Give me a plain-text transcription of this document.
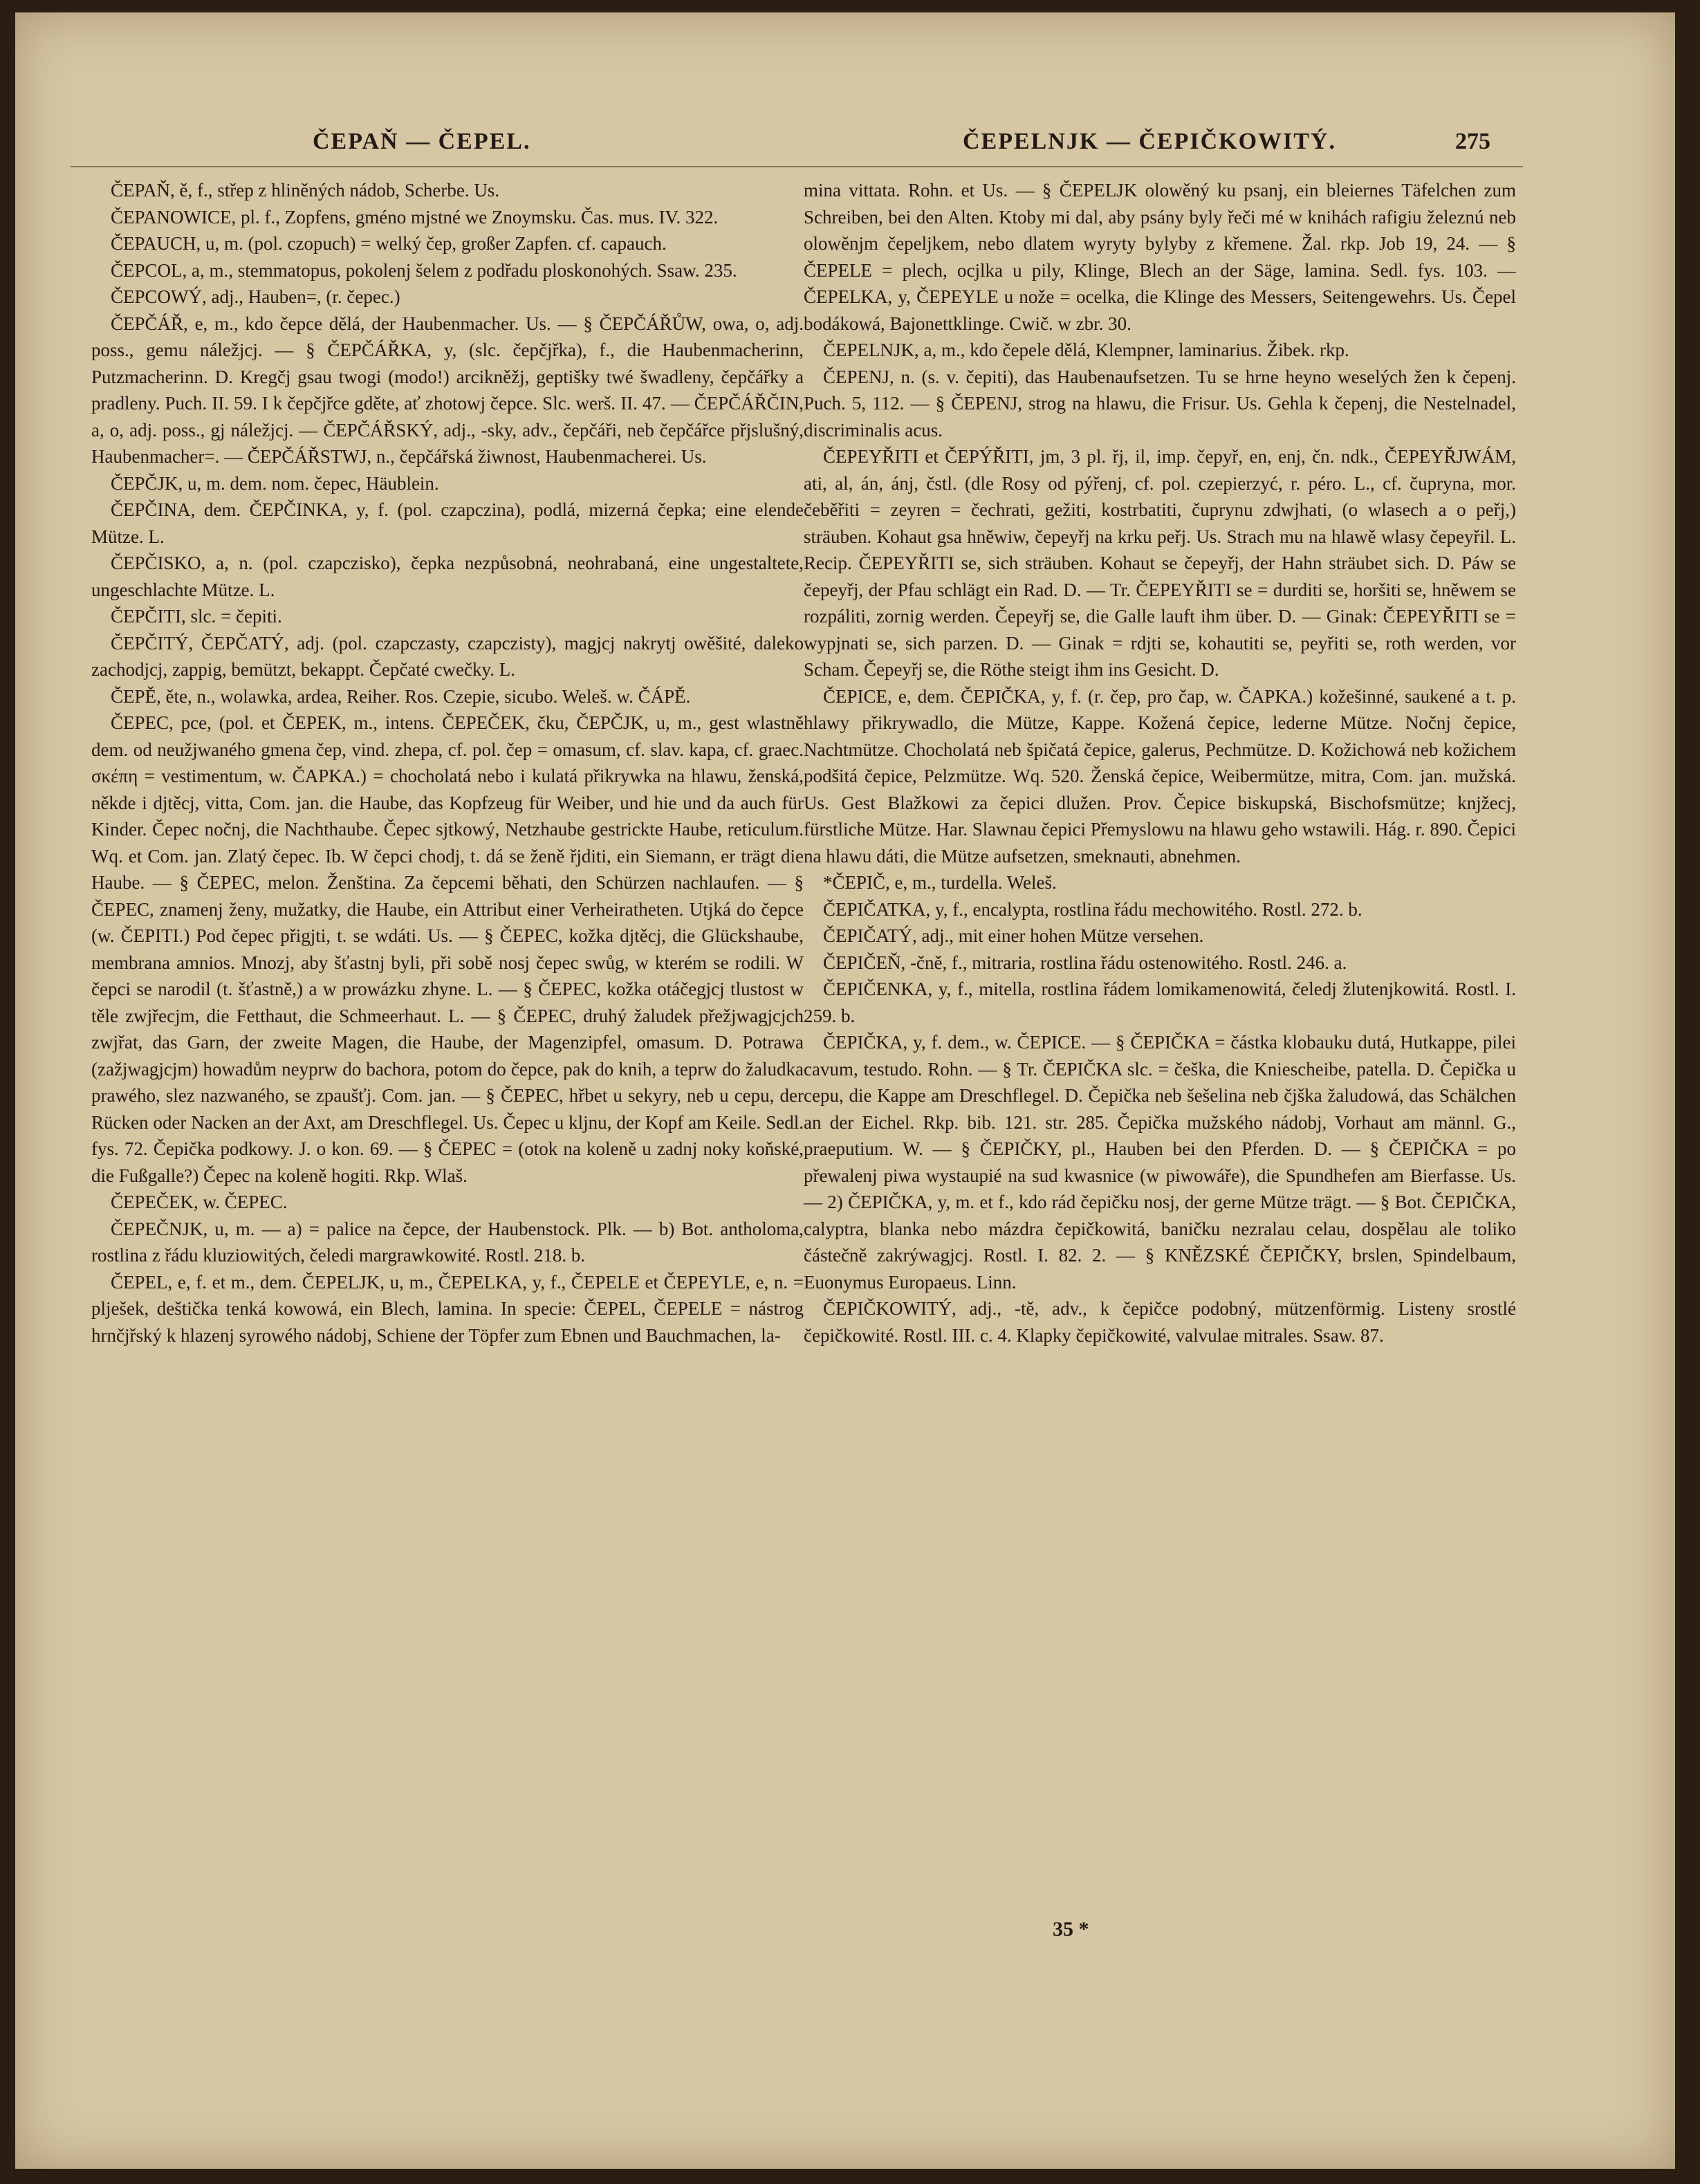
ČEPAŇ — ČEPEL.	ČEPELNJK — ČEPIČKOWITÝ.	275

ČEPAŇ, ě, f., střep z hliněných nádob, Scherbe. Us.

ČEPANOWICE, pl. f., Zopfens, gméno mjstné we Znoymsku. Čas. mus. IV. 322.

ČEPAUCH, u, m. (pol. czopuch) = welký čep, großer Zapfen. cf. capauch.

ČEPCOL, a, m., stemmatopus, pokolenj šelem z podřadu ploskonohých. Ssaw. 235.

ČEPCOWÝ, adj., Hauben=, (r. čepec.)

ČEPČÁŘ, e, m., kdo čepce dělá, der Haubenmacher. Us. — § ČEPČÁŘŮW, owa, o, adj. poss., gemu náležjcj. — § ČEPČÁŘKA, y, (slc. čepčjřka), f., die Haubenmacherinn, Putzmacherinn. D. Kregčj gsau twogi (modo!) arcikněžj, geptišky twé šwadleny, čepčářky a pradleny. Puch. II. 59. I k čepčjřce gděte, ať zhotowj čepce. Slc. werš. II. 47. — ČEPČÁŘČIN, a, o, adj. poss., gj náležjcj. — ČEPČÁŘSKÝ, adj., -sky, adv., čepčáři, neb čepčářce přjslušný, Haubenmacher=. — ČEPČÁŘSTWJ, n., čepčářská žiwnost, Haubenmacherei. Us.

ČEPČJK, u, m. dem. nom. čepec, Häublein.

ČEPČINA, dem. ČEPČINKA, y, f. (pol. czapczina), podlá, mizerná čepka; eine elende Mütze. L.

ČEPČISKO, a, n. (pol. czapczisko), čepka nezpůsobná, neohrabaná, eine ungestaltete, ungeschlachte Mütze. L.

ČEPČITI, slc. = čepiti.

ČEPČITÝ, ČEPČATÝ, adj. (pol. czapczasty, czapczisty), magjcj nakrytj owěšité, daleko zachodjcj, zappig, bemützt, bekappt. Čepčaté cwečky. L.

ČEPĚ, ěte, n., wolawka, ardea, Reiher. Ros. Czepie, sicubo. Weleš. w. ČÁPĚ.

ČEPEC, pce, (pol. et ČEPEK, m., intens. ČEPEČEK, čku, ČEPČJK, u, m., gest wlastně dem. od neužjwaného gmena čep, vind. zhepa, cf. pol. čep = omasum, cf. slav. kapa, cf. graec. σκέπη = vestimentum, w. ČAPKA.) = chocholatá nebo i kulatá přikrywka na hlawu, ženská, někde i djtěcj, vitta, Com. jan. die Haube, das Kopfzeug für Weiber, und hie und da auch für Kinder. Čepec nočnj, die Nachthaube. Čepec sjtkowý, Netzhaube gestrickte Haube, reticulum. Wq. et Com. jan. Zlatý čepec. Ib. W čepci chodj, t. dá se ženě řjditi, ein Siemann, er trägt die Haube. — § ČEPEC, melon. Ženština. Za čepcemi běhati, den Schürzen nachlaufen. — § ČEPEC, znamenj ženy, mužatky, die Haube, ein Attribut einer Verheiratheten. Utjká do čepce (w. ČEPITI.) Pod čepec přigjti, t. se wdáti. Us. — § ČEPEC, kožka djtěcj, die Glückshaube, membrana amnios. Mnozj, aby šťastnj byli, při sobě nosj čepec swůg, w kterém se rodili. W čepci se narodil (t. šťastně,) a w prowázku zhyne. L. — § ČEPEC, kožka otáčegjcj tlustost w těle zwjřecjm, die Fetthaut, die Schmeerhaut. L. — § ČEPEC, druhý žaludek přežjwagjcjch zwjřat, das Garn, der zweite Magen, die Haube, der Magenzipfel, omasum. D. Potrawa (zažjwagjcjm) howadům neyprw do bachora, potom do čepce, pak do knih, a teprw do žaludka prawého, slez nazwaného, se zpaušťj. Com. jan. — § ČEPEC, hřbet u sekyry, neb u cepu, der Rücken oder Nacken an der Axt, am Dreschflegel. Us. Čepec u kljnu, der Kopf am Keile. Sedl. fys. 72. Čepička podkowy. J. o kon. 69. — § ČEPEC = (otok na koleně u zadnj noky koňské, die Fußgalle?) Čepec na koleně hogiti. Rkp. Wlaš.

ČEPEČEK, w. ČEPEC.

ČEPEČNJK, u, m. — a) = palice na čepce, der Haubenstock. Plk. — b) Bot. antholoma, rostlina z řádu kluziowitých, čeledi margrawkowité. Rostl. 218. b.

ČEPEL, e, f. et m., dem. ČEPELJK, u, m., ČEPELKA, y, f., ČEPELE et ČEPEYLE, e, n. = plješek, deštička tenká kowowá, ein Blech, lamina. In specie: ČEPEL, ČEPELE = nástrog hrnčjřský k hlazenj syrowého nádobj, Schiene der Töpfer zum Ebnen und Bauchmachen, la-

mina vittata. Rohn. et Us. — § ČEPELJK olowěný ku psanj, ein bleiernes Täfelchen zum Schreiben, bei den Alten. Ktoby mi dal, aby psány byly řeči mé w knihách rafigiu železnú neb olowěnjm čepeljkem, nebo dlatem wyryty bylyby z křemene. Žal. rkp. Job 19, 24. — § ČEPELE = plech, ocjlka u pily, Klinge, Blech an der Säge, lamina. Sedl. fys. 103. — ČEPELKA, y, ČEPEYLE u nože = ocelka, die Klinge des Messers, Seitengewehrs. Us. Čepel bodákowá, Bajonettklinge. Cwič. w zbr. 30.

ČEPELNJK, a, m., kdo čepele dělá, Klempner, laminarius. Žibek. rkp.

ČEPENJ, n. (s. v. čepiti), das Haubenaufsetzen. Tu se hrne heyno weselých žen k čepenj. Puch. 5, 112. — § ČEPENJ, strog na hlawu, die Frisur. Us. Gehla k čepenj, die Nestelnadel, discriminalis acus.

ČEPEYŘITI et ČEPÝŘITI, jm, 3 pl. řj, il, imp. čepyř, en, enj, čn. ndk., ČEPEYŘJWÁM, ati, al, án, ánj, čstl. (dle Rosy od pýřenj, cf. pol. czepierzyć, r. péro. L., cf. čupryna, mor. čeběřiti = zeyren = čechrati, gežiti, kostrbatiti, čuprynu zdwjhati, (o wlasech a o peřj,) sträuben. Kohaut gsa hněwiw, čepeyřj na krku peřj. Us. Strach mu na hlawě wlasy čepeyřil. L. Recip. ČEPEYŘITI se, sich sträuben. Kohaut se čepeyřj, der Hahn sträubet sich. D. Páw se čepeyřj, der Pfau schlägt ein Rad. D. — Tr. ČEPEYŘITI se = durditi se, horšiti se, hněwem se rozpáliti, zornig werden. Čepeyřj se, die Galle lauft ihm über. D. — Ginak: ČEPEYŘITI se = wypjnati se, sich parzen. D. — Ginak = rdjti se, kohautiti se, peyřiti se, roth werden, vor Scham. Čepeyřj se, die Röthe steigt ihm ins Gesicht. D.

ČEPICE, e, dem. ČEPIČKA, y, f. (r. čep, pro čap, w. ČAPKA.) kožešinné, saukené a t. p. hlawy přikrywadlo, die Mütze, Kappe. Kožená čepice, lederne Mütze. Nočnj čepice, Nachtmütze. Chocholatá neb špičatá čepice, galerus, Pechmütze. D. Kožichowá neb kožichem podšitá čepice, Pelzmütze. Wq. 520. Ženská čepice, Weibermütze, mitra, Com. jan. mužská. Us. Gest Blažkowi za čepici dlužen. Prov. Čepice biskupská, Bischofsmütze; knjžecj, fürstliche Mütze. Har. Slawnau čepici Přemyslowu na hlawu geho wstawili. Hág. r. 890. Čepici na hlawu dáti, die Mütze aufsetzen, smeknauti, abnehmen.

*ČEPIČ, e, m., turdella. Weleš.

ČEPIČATKA, y, f., encalypta, rostlina řádu mechowitého. Rostl. 272. b.

ČEPIČATÝ, adj., mit einer hohen Mütze versehen.

ČEPIČEŇ, -čně, f., mitraria, rostlina řádu ostenowitého. Rostl. 246. a.

ČEPIČENKA, y, f., mitella, rostlina řádem lomikamenowitá, čeledj žlutenjkowitá. Rostl. I. 259. b.

ČEPIČKA, y, f. dem., w. ČEPICE. — § ČEPIČKA = částka klobauku dutá, Hutkappe, pilei cavum, testudo. Rohn. — § Tr. ČEPIČKA slc. = češka, die Kniescheibe, patella. D. Čepička u cepu, die Kappe am Dreschflegel. D. Čepička neb šešelina neb čjška žaludowá, das Schälchen an der Eichel. Rkp. bib. 121. str. 285. Čepička mužského nádobj, Vorhaut am männl. G., praeputium. W. — § ČEPIČKY, pl., Hauben bei den Pferden. D. — § ČEPIČKA = po přewalenj piwa wystaupié na sud kwasnice (w piwowáře), die Spundhefen am Bierfasse. Us. — 2) ČEPIČKA, y, m. et f., kdo rád čepičku nosj, der gerne Mütze trägt. — § Bot. ČEPIČKA, calyptra, blanka nebo mázdra čepičkowitá, baničku nezralau celau, dospělau ale toliko částečně zakrýwagjcj. Rostl. I. 82. 2. — § KNĚZSKÉ ČEPIČKY, brslen, Spindelbaum, Euonymus Europaeus. Linn.

ČEPIČKOWITÝ, adj., -tě, adv., k čepičce podobný, mützenförmig. Listeny srostlé čepičkowité. Rostl. III. c. 4. Klapky čepičkowité, valvulae mitrales. Ssaw. 87.

35 *
